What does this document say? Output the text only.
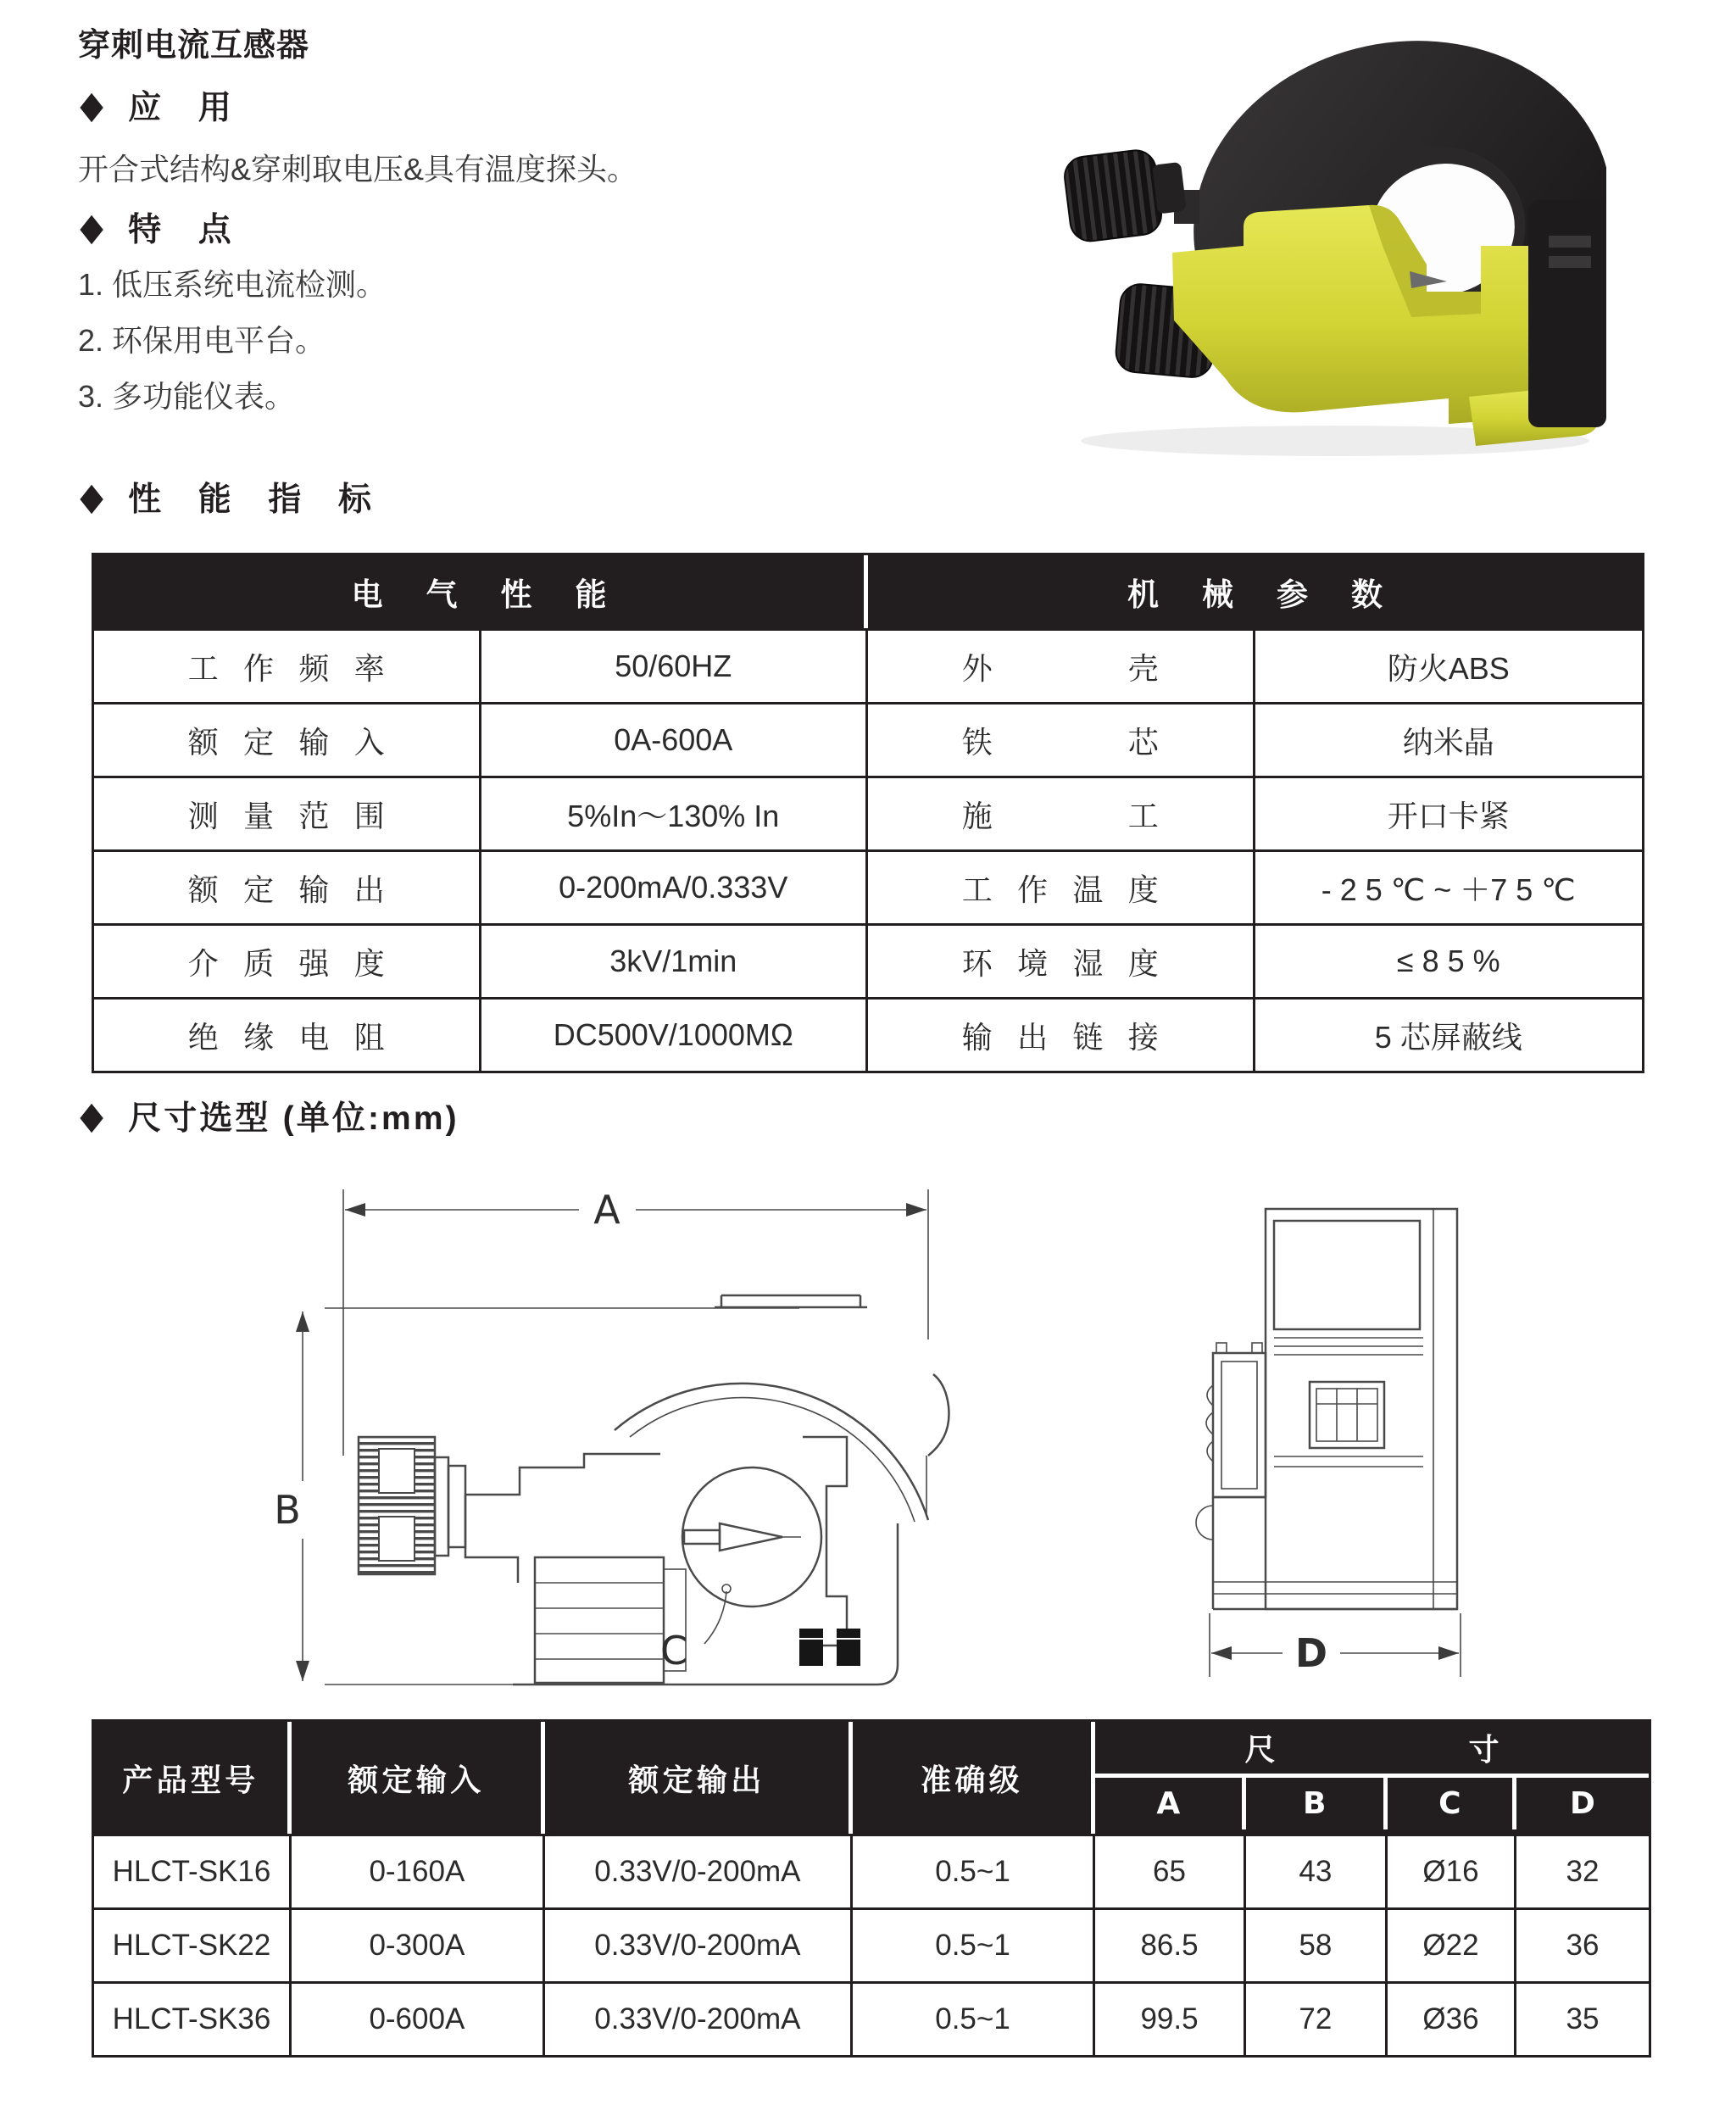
穿刺电流互感器
◆ 应 用
开合式结构&穿刺取电压&具有温度探头。
◆ 特 点
1. 低压系统电流检测。
2. 环保用电平台。
3. 多功能仪表。
◆ 性 能 指 标
电 气 性 能	机 械 参 数
工作频率	50/60HZ	外壳	防火ABS
额定输入	0A-600A	铁芯	纳米晶
测量范围	5%In～130% In	施工	开口卡紧
额定输出	0-200mA/0.333V	工作温度	- 2 5 ℃ ~ ＋7 5 ℃
介质强度	3kV/1min	环境湿度	≤ 8 5 %
绝缘电阻	DC500V/1000MΩ	输出链接	5 芯屏蔽线
◆ 尺寸选型 (单位:mm)
A
B
C	D
产品型号	额定输入	额定输出	准确级
尺寸
A	B	C	D
HLCT-SK16	0-160A	0.33V/0-200mA	0.5~1	65	43	Ø16	32
HLCT-SK22	0-300A	0.33V/0-200mA	0.5~1	86.5	58	Ø22	36
HLCT-SK36	0-600A	0.33V/0-200mA	0.5~1	99.5	72	Ø36	35
